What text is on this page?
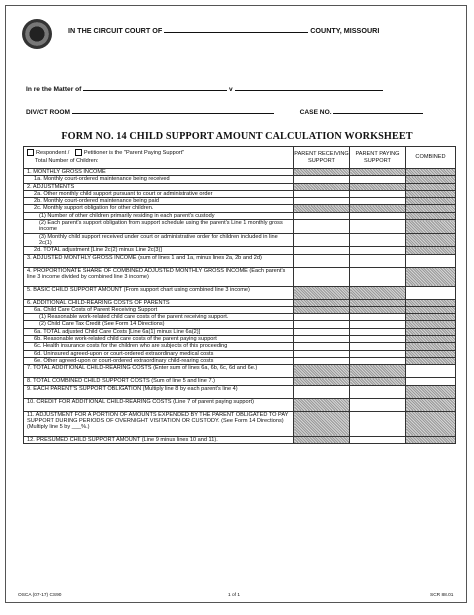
IN THE CIRCUIT COURT OF	COUNTY, MISSOURI
In re the Matter of	v
DIV/CT ROOM	CASE NO.
FORM NO. 14 CHILD SUPPORT AMOUNT CALCULATION WORKSHEET
Respondent / Petitioner is the "Parent Paying Support"
Total Number of Children:	PARENT RECEIVING SUPPORT	PARENT PAYING SUPPORT	COMBINED
1. MONTHLY GROSS INCOME			
1a. Monthly court-ordered maintenance being received			
2. ADJUSTMENTS			
2a. Other monthly child support pursuant to court or administrative order			
2b. Monthly court-ordered maintenance being paid			
2c. Monthly support obligation for other children.			
(1) Number of other children primarily residing in each parent's custody			
(2) Each parent's support obligation from support schedule using the parent's Line 1 monthly gross income			
(3) Monthly child support received under court or administrative order for children included in line 2c(1)			
2d. TOTAL adjustment [Line 2c(2) minus Line 2c(3)]			
3. ADJUSTED MONTHLY GROSS INCOME (sum of lines 1 and 1a, minus lines 2a, 2b and 2d)			
4. PROPORTIONATE SHARE OF COMBINED ADJUSTED MONTHLY GROSS INCOME (Each parent's line 3 income divided by combined line 3 income)			
5. BASIC CHILD SUPPORT AMOUNT (From support chart using combined line 3 income)			
6. ADDITIONAL CHILD-REARING COSTS OF PARENTS			
6a. Child Care Costs of Parent Receiving Support			
(1) Reasonable work-related child care costs of the parent receiving support.			
(2) Child Care Tax Credit (See Form 14 Directions)			
6a. TOTAL adjusted Child Care Costs [Line 6a(1) minus Line 6a(2)]			
6b. Reasonable work-related child care costs of the parent paying support			
6c. Health insurance costs for the children who are subjects of this proceeding			
6d. Uninsured agreed-upon or court-ordered extraordinary medical costs			
6e. Other agreed-upon or court-ordered extraordinary child-rearing costs			
7. TOTAL ADDITIONAL CHILD-REARING COSTS (Enter sum of lines 6a, 6b, 6c, 6d and 6e.)			
8. TOTAL COMBINED CHILD SUPPORT COSTS (Sum of line 5 and line 7.)			
9. EACH PARENT'S SUPPORT OBLIGATION (Multiply line 8 by each parent's line 4)			
10. CREDIT FOR ADDITIONAL CHILD-REARING COSTS (Line 7 of parent paying support)			
11. ADJUSTMENT FOR A PORTION OF AMOUNTS EXPENDED BY THE PARENT OBLIGATED TO PAY SUPPORT DURING PERIODS OF OVERNIGHT VISITATION OR CUSTODY. (See Form 14 Directions) (Multiply line 5 by ___%.)			
12. PRESUMED CHILD SUPPORT AMOUNT (Line 9 minus lines 10 and 11).			
OSCA (07-17) CS90	1 of 1	SCR 88.01
